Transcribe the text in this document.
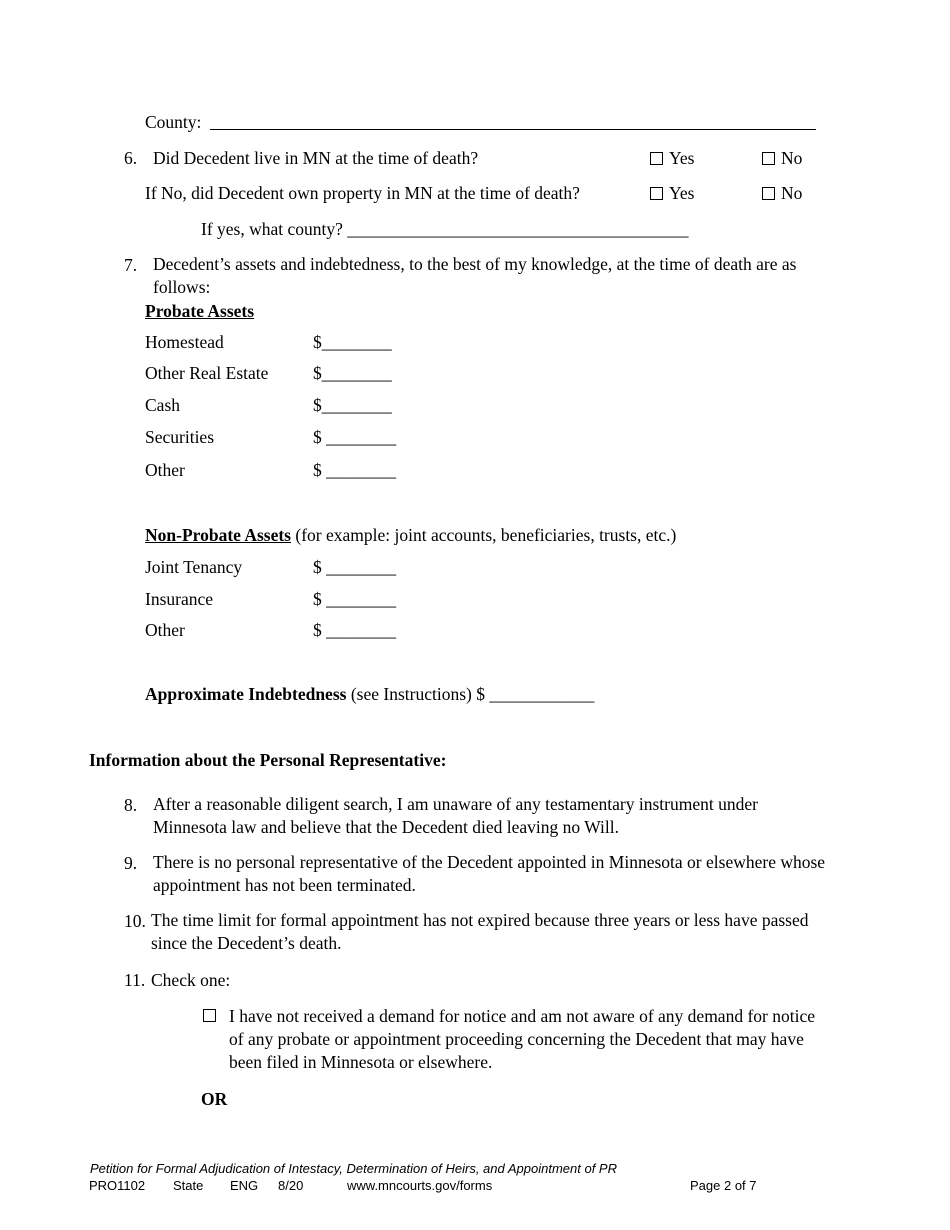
County:
6. Did Decedent live in MN at the time of death?	Yes	No
If No, did Decedent own property in MN at the time of death?	Yes	No
If yes, what county? _______________________________________
7. Decedent’s assets and indebtedness, to the best of my knowledge, at the time of death are as follows:
Probate Assets
Homestead	$________
Other Real Estate	$________
Cash	$________
Securities	$ ________
Other	$ ________
Non-Probate Assets (for example: joint accounts, beneficiaries, trusts, etc.)
Joint Tenancy	$ ________
Insurance	$ ________
Other	$ ________
Approximate Indebtedness (see Instructions) $ ____________
Information about the Personal Representative:
8. After a reasonable diligent search, I am unaware of any testamentary instrument under Minnesota law and believe that the Decedent died leaving no Will.
9. There is no personal representative of the Decedent appointed in Minnesota or elsewhere whose appointment has not been terminated.
10. The time limit for formal appointment has not expired because three years or less have passed since the Decedent’s death.
11. Check one:
I have not received a demand for notice and am not aware of any demand for notice of any probate or appointment proceeding concerning the Decedent that may have been filed in Minnesota or elsewhere.
OR
Petition for Formal Adjudication of Intestacy, Determination of Heirs, and Appointment of PR
PRO1102 State ENG 8/20	www.mncourts.gov/forms	Page 2 of 7
